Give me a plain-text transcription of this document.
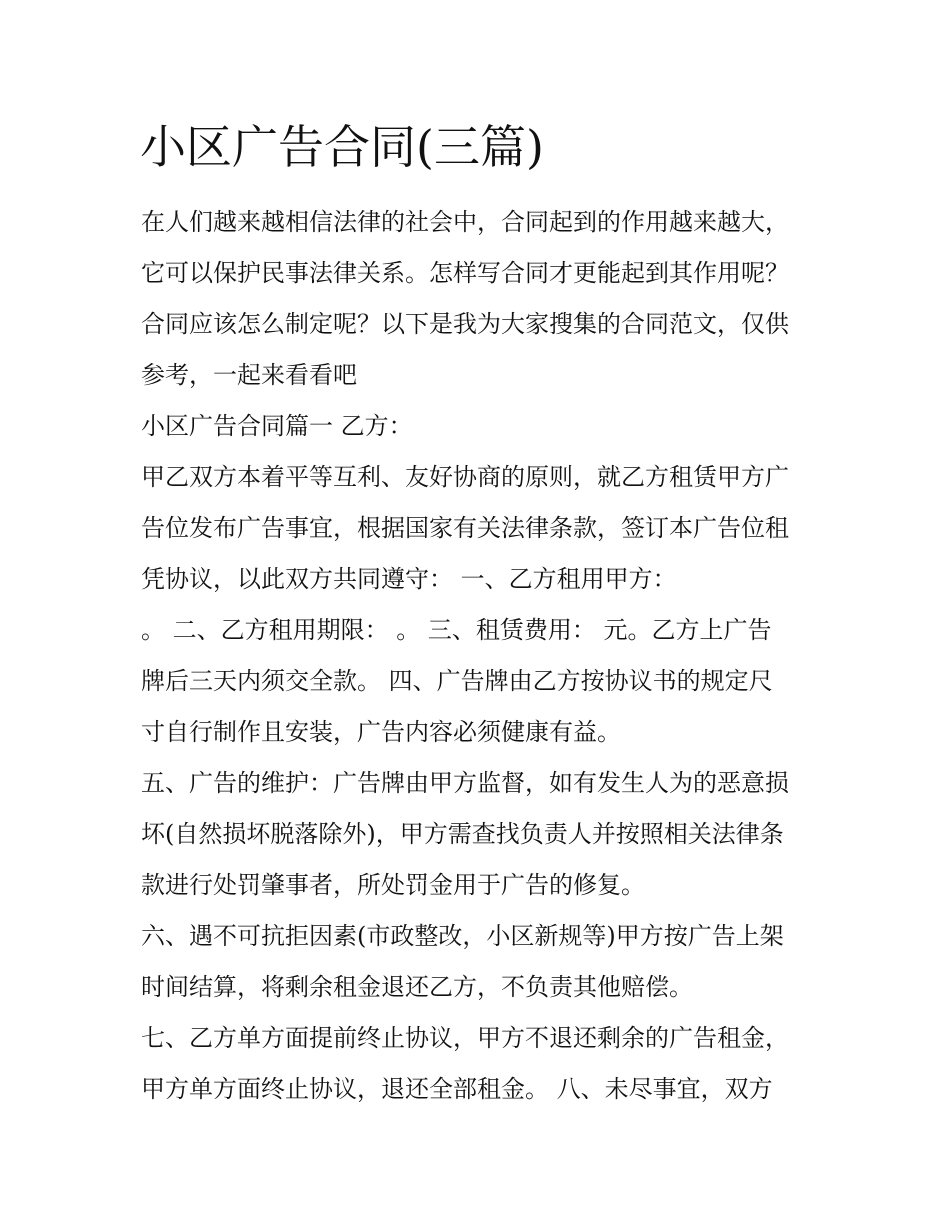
小区广告合同(三篇)

在人们越来越相信法律的社会中，合同起到的作用越来越大，

它可以保护民事法律关系。怎样写合同才更能起到其作用呢？

合同应该怎么制定呢？以下是我为大家搜集的合同范文，仅供

参考，一起来看看吧

小区广告合同篇一 乙方：

甲乙双方本着平等互利、友好协商的原则，就乙方租赁甲方广

告位发布广告事宜，根据国家有关法律条款，签订本广告位租

凭协议，以此双方共同遵守： 一、乙方租用甲方：

。 二、乙方租用期限： 。 三、租赁费用： 元。乙方上广告

牌后三天内须交全款。 四、广告牌由乙方按协议书的规定尺

寸自行制作且安装，广告内容必须健康有益。

五、广告的维护：广告牌由甲方监督，如有发生人为的恶意损

坏(自然损坏脱落除外)，甲方需查找负责人并按照相关法律条

款进行处罚肇事者，所处罚金用于广告的修复。

六、遇不可抗拒因素(市政整改，小区新规等)甲方按广告上架

时间结算，将剩余租金退还乙方，不负责其他赔偿。

七、乙方单方面提前终止协议，甲方不退还剩余的广告租金，

甲方单方面终止协议，退还全部租金。 八、未尽事宜，双方
